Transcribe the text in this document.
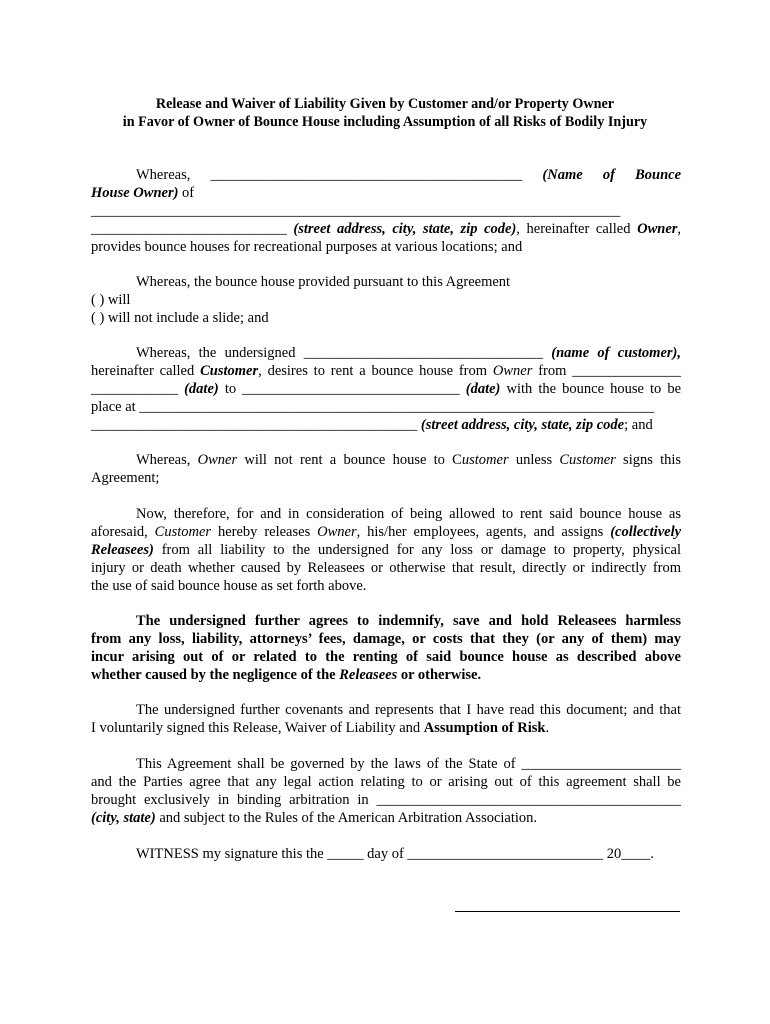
Release and Waiver of Liability Given by Customer and/or Property Owner
in Favor of Owner of Bounce House including Assumption of all Risks of Bodily Injury
Whereas, ___________________________________________ (Name of Bounce
House Owner) of
_________________________________________________________________________
___________________________ (street address, city, state, zip code), hereinafter called Owner,
provides bounce houses for recreational purposes at various locations; and
Whereas, the bounce house provided pursuant to this Agreement
( ) will
( ) will not include a slide; and
Whereas, the undersigned _________________________________ (name of customer),
hereinafter called Customer, desires to rent a bounce house from Owner from _______________
____________ (date) to ______________________________ (date) with the bounce house to be
place at _______________________________________________________________________
_____________________________________________ (street address, city, state, zip code; and
Whereas, Owner will not rent a bounce house to Customer unless Customer signs this
Agreement;
Now, therefore, for and in consideration of being allowed to rent said bounce house as
aforesaid, Customer hereby releases Owner, his/her employees, agents, and assigns (collectively
Releasees) from all liability to the undersigned for any loss or damage to property, physical
injury or death whether caused by Releasees or otherwise that result, directly or indirectly from
the use of said bounce house as set forth above.
The undersigned further agrees to indemnify, save and hold Releasees harmless
from any loss, liability, attorneys’ fees, damage, or costs that they (or any of them) may
incur arising out of or related to the renting of said bounce house as described above
whether caused by the negligence of the Releasees or otherwise.
The undersigned further covenants and represents that I have read this document; and that
I voluntarily signed this Release, Waiver of Liability and Assumption of Risk.
This Agreement shall be governed by the laws of the State of ______________________
and the Parties agree that any legal action relating to or arising out of this agreement shall be
brought exclusively in binding arbitration in __________________________________________
(city, state) and subject to the Rules of the American Arbitration Association.
WITNESS my signature this the _____ day of ___________________________ 20____.
